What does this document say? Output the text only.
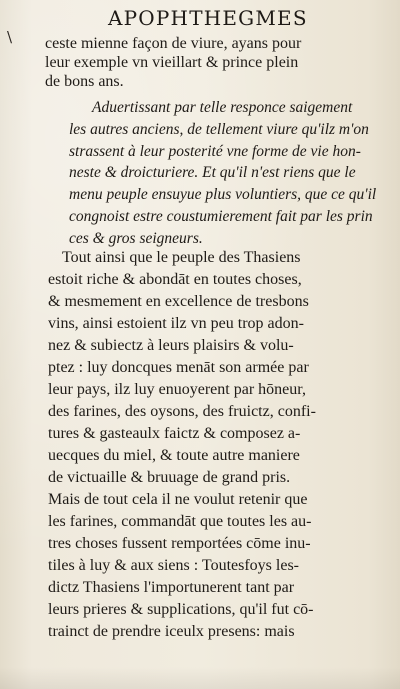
APOPHTHEGMES
\ ceste mienne façon de viure, ayans pour
leur exemple vn vieillart & prince plein
de bons ans.
Aduertissant par telle responce saigement
les autres anciens, de tellement viure qu'ilz m'on
strassent à leur posterité vne forme de vie hon-
neste & droicturiere. Et qu'il n'est riens que le
menu peuple ensuyue plus voluntiers, que ce qu'il
congnoist estre coustumierement fait par les prin
ces & gros seigneurs.
Tout ainsi que le peuple des Thasiens
estoit riche & abondāt en toutes choses,
& mesmement en excellence de tresbons
vins, ainsi estoient ilz vn peu trop adon-
nez & subiectz à leurs plaisirs & volu-
ptez : luy doncques menāt son armée par
leur pays, ilz luy enuoyerent par hōneur,
des farines, des oysons, des fruictz, confi-
tures & gasteaulx faictz & composez a-
uecques du miel, & toute autre maniere
de victuaille & bruuage de grand pris.
Mais de tout cela il ne voulut retenir que
les farines, commandāt que toutes les au-
tres choses fussent remportées cōme inu-
tiles à luy & aux siens : Toutesfoys les-
dictz Thasiens l'importunerent tant par
leurs prieres & supplications, qu'il fut cō-
trainct de prendre iceulx presens: mais
